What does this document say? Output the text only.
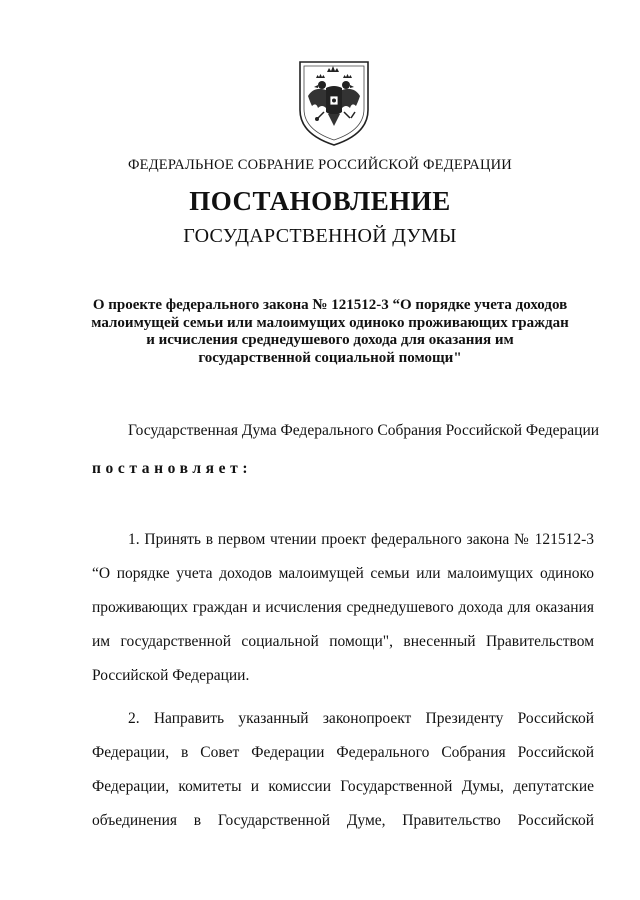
ФЕДЕРАЛЬНОЕ СОБРАНИЕ РОССИЙСКОЙ ФЕДЕРАЦИИ
ПОСТАНОВЛЕНИЕ
ГОСУДАРСТВЕННОЙ ДУМЫ
О проекте федерального закона № 121512-3 “О порядке учета доходов
малоимущей семьи или малоимущих одиноко проживающих граждан
и исчисления среднедушевого дохода для оказания им
государственной социальной помощи"
Государственная Дума Федерального Собрания Российской Федерации
постановляет:
1. Принять в первом чтении проект федерального закона № 121512-3
“О порядке учета доходов малоимущей семьи или малоимущих одиноко
проживающих граждан и исчисления среднедушевого дохода для оказания
им государственной социальной помощи", внесенный Правительством
Российской Федерации.
2. Направить указанный законопроект Президенту Российской
Федерации, в Совет Федерации Федерального Собрания Российской
Федерации, комитеты и комиссии Государственной Думы, депутатские
объединения в Государственной Думе, Правительство Российской
